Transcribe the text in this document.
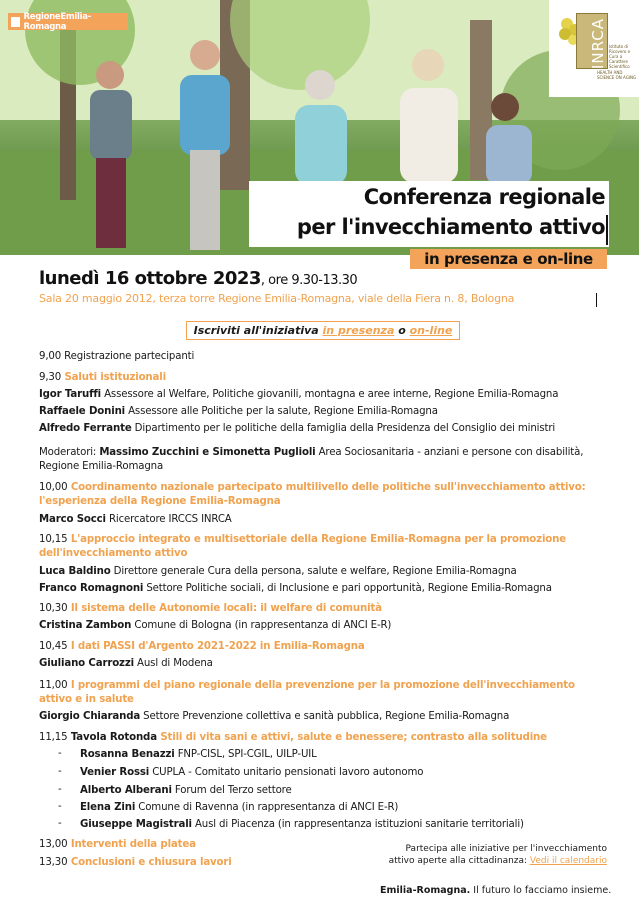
RegioneEmilia-Romagna	INRCA Istituto di Ricovero e Cura a Carattere Scientifico
HEALTH AND SCIENCE ON AGING
Conferenza regionale
per l'invecchiamento attivo
in presenza e on-line
lunedì 16 ottobre 2023, ore 9.30-13.30
Sala 20 maggio 2012, terza torre Regione Emilia-Romagna, viale della Fiera n. 8, Bologna
Iscriviti all'iniziativa in presenza o on-line
9,00 Registrazione partecipanti
9,30 Saluti istituzionali
Igor Taruffi Assessore al Welfare, Politiche giovanili, montagna e aree interne, Regione Emilia-Romagna
Raffaele Donini Assessore alle Politiche per la salute, Regione Emilia-Romagna
Alfredo Ferrante Dipartimento per le politiche della famiglia della Presidenza del Consiglio dei ministri
Moderatori: Massimo Zucchini e Simonetta Puglioli Area Sociosanitaria - anziani e persone con disabilità,
Regione Emilia-Romagna
10,00 Coordinamento nazionale partecipato multilivello delle politiche sull'invecchiamento attivo:
l'esperienza della Regione Emilia-Romagna
Marco Socci Ricercatore IRCCS INRCA
10,15 L'approccio integrato e multisettoriale della Regione Emilia-Romagna per la promozione
dell'invecchiamento attivo
Luca Baldino Direttore generale Cura della persona, salute e welfare, Regione Emilia-Romagna
Franco Romagnoni Settore Politiche sociali, di Inclusione e pari opportunità, Regione Emilia-Romagna
10,30 Il sistema delle Autonomie locali: il welfare di comunità
Cristina Zambon Comune di Bologna (in rappresentanza di ANCI E-R)
10,45 I dati PASSI d'Argento 2021-2022 in Emilia-Romagna
Giuliano Carrozzi Ausl di Modena
11,00 I programmi del piano regionale della prevenzione per la promozione dell'invecchiamento
attivo e in salute
Giorgio Chiaranda Settore Prevenzione collettiva e sanità pubblica, Regione Emilia-Romagna
11,15 Tavola Rotonda Stili di vita sani e attivi, salute e benessere; contrasto alla solitudine
- Rosanna Benazzi FNP-CISL, SPI-CGIL, UILP-UIL
- Venier Rossi CUPLA - Comitato unitario pensionati lavoro autonomo
- Alberto Alberani Forum del Terzo settore
- Elena Zini Comune di Ravenna (in rappresentanza di ANCI E-R)
- Giuseppe Magistrali Ausl di Piacenza (in rappresentanza istituzioni sanitarie territoriali)
13,00 Interventi della platea
13,30 Conclusioni e chiusura lavori
Partecipa alle iniziative per l'invecchiamento
attivo aperte alla cittadinanza: Vedi il calendario
Emilia-Romagna. Il futuro lo facciamo insieme.
